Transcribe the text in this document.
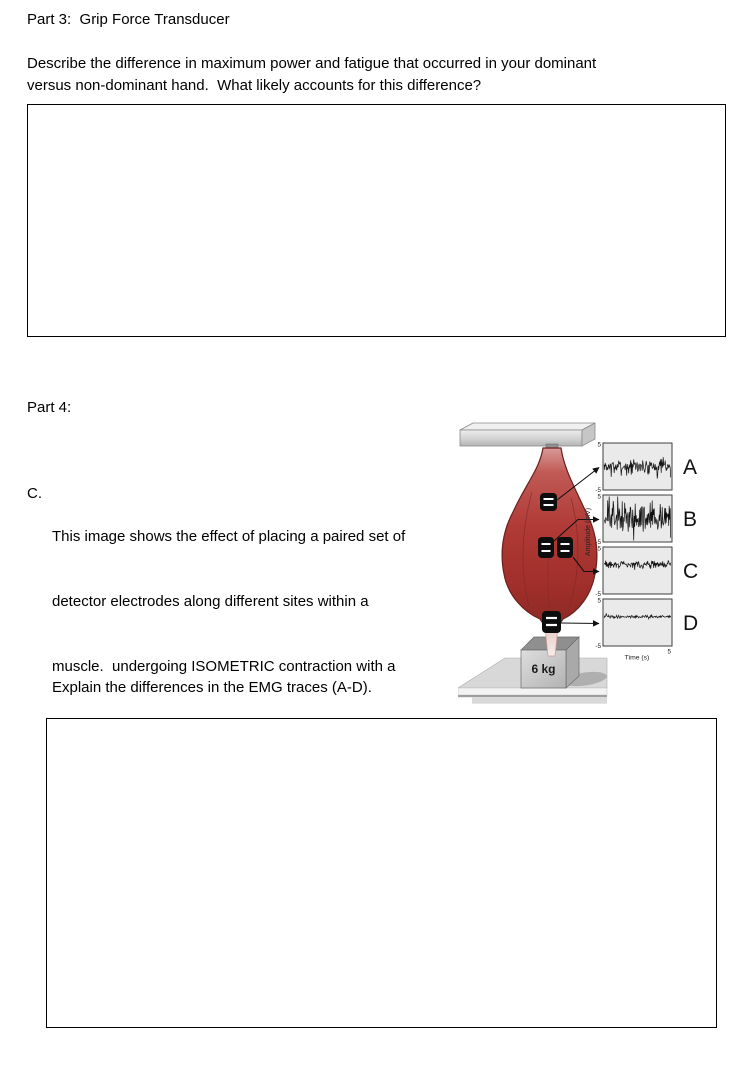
Part 3:  Grip Force Transducer
Describe the difference in maximum power and fatigue that occurred in your dominant
versus non-dominant hand.  What likely accounts for this difference?
Part 4:
C.

This image shows the effect of placing a paired set of

detector electrodes along different sites within a

muscle.  undergoing ISOMETRIC contraction with a

Explain the differences in the EMG traces (A-D).
6 kg
5
-5
5
-5
5
-5
5
-5
Amplitude (mV)
5
Time (s)
A
B
C
D
